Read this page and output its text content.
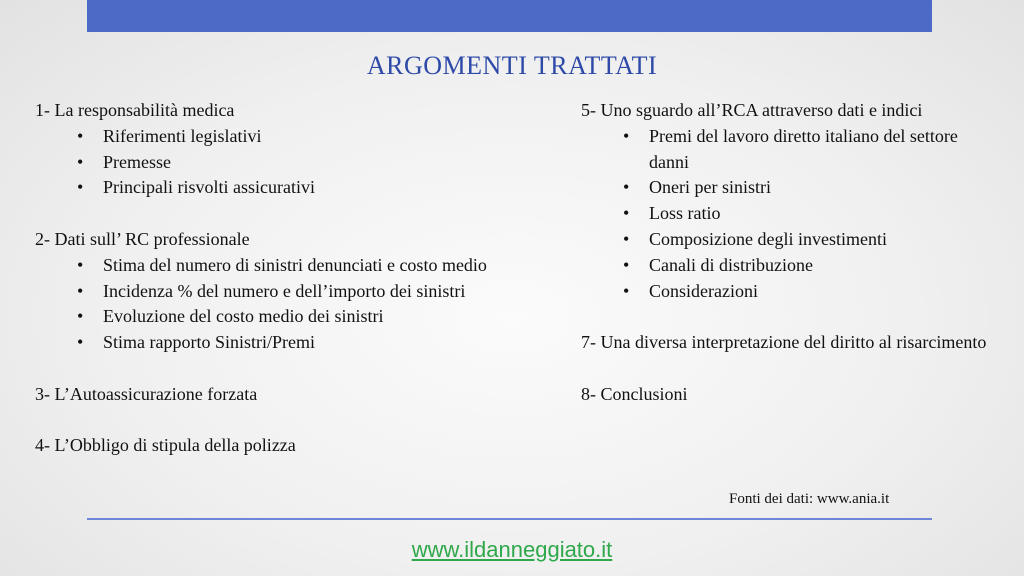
ARGOMENTI TRATTATI
1- La responsabilità medica
• Riferimenti legislativi
• Premesse
• Principali risvolti assicurativi
2- Dati sull’ RC professionale
• Stima del numero di sinistri denunciati e costo medio
• Incidenza % del numero e dell’importo dei sinistri
• Evoluzione del costo medio dei sinistri
• Stima rapporto Sinistri/Premi
3- L’Autoassicurazione forzata
4- L’Obbligo di stipula della polizza
5- Uno sguardo all’RCA attraverso dati e indici
• Premi del lavoro diretto italiano del settore danni
• Oneri per sinistri
• Loss ratio
• Composizione degli investimenti
• Canali di distribuzione
• Considerazioni
7- Una diversa interpretazione del diritto al risarcimento
8- Conclusioni
Fonti dei dati: www.ania.it
www.ildanneggiato.it
